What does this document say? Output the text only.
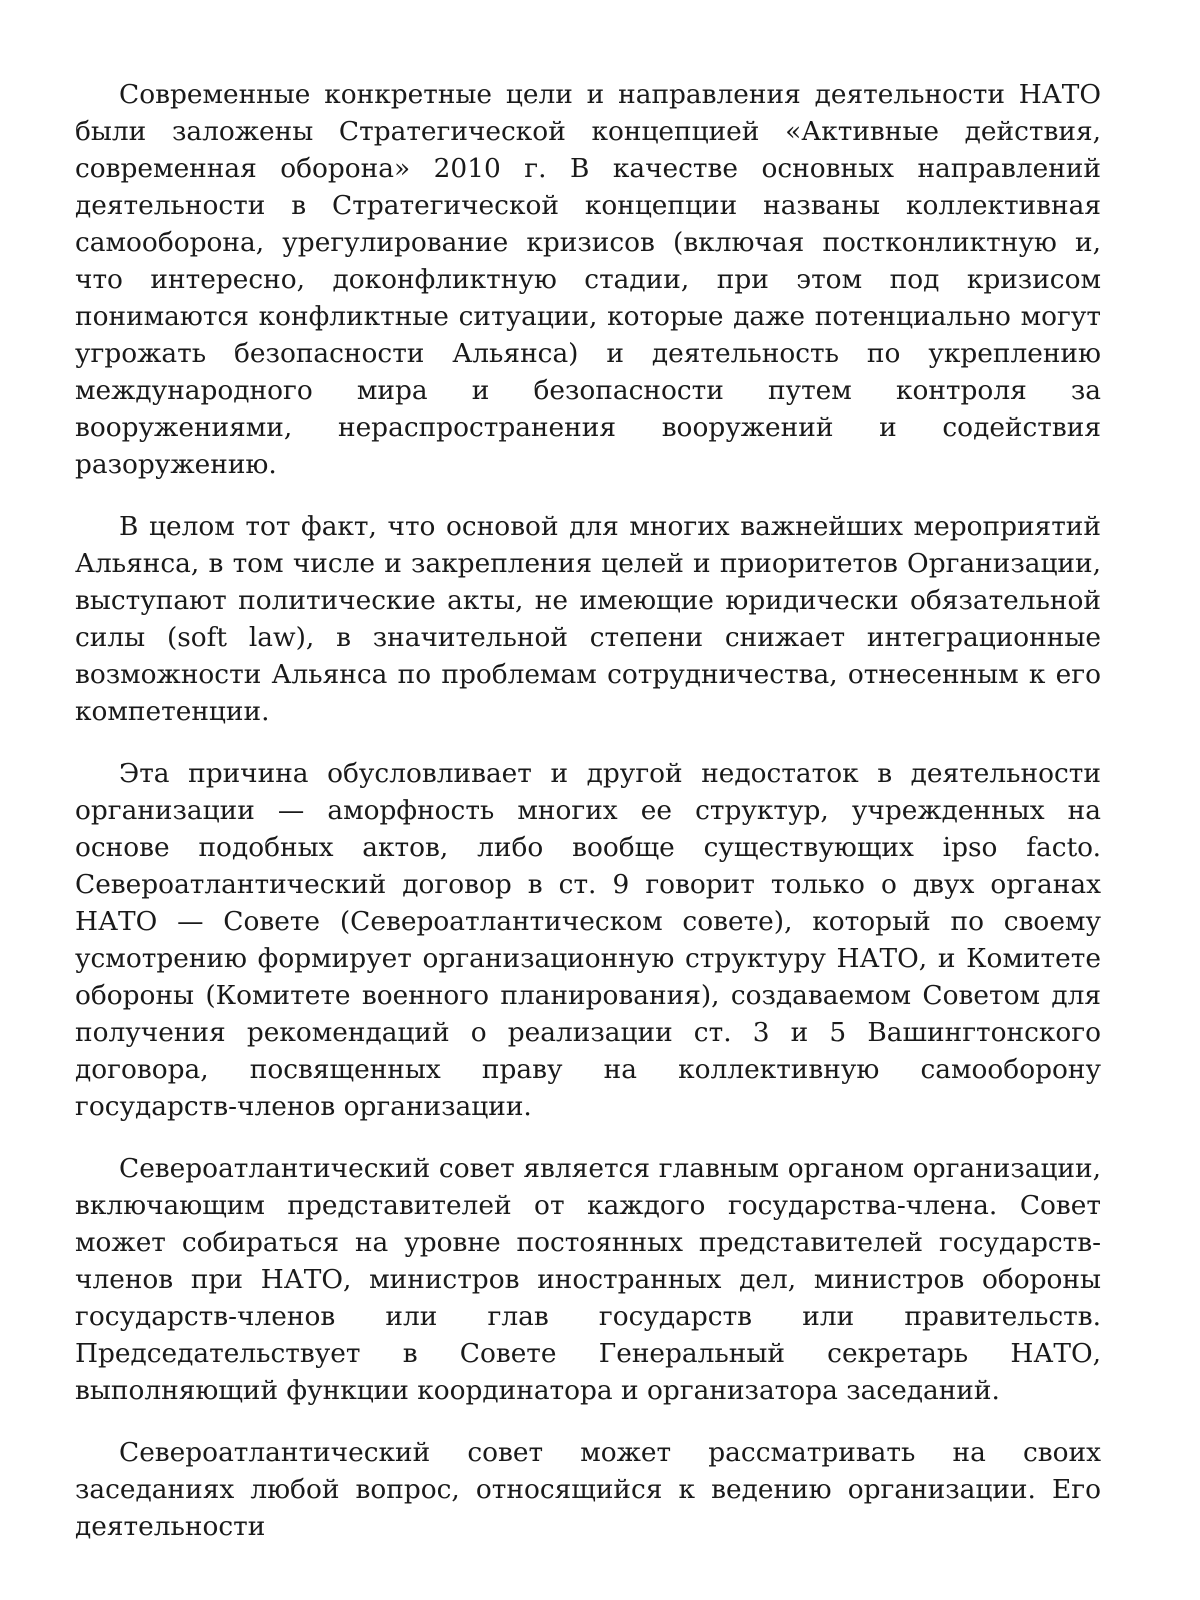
Современные конкретные цели и направления деятельности НАТО были заложены Стратегической концепцией «Активные действия, современная оборона» 2010 г. В качестве основных направлений деятельности в Стратегической концепции названы коллективная самооборона, урегулирование кризисов (включая постконликтную и, что интересно, доконфликтную стадии, при этом под кризисом понимаются конфликтные ситуации, которые даже потенциально могут угрожать безопасности Альянса) и деятельность по укреплению международного мира и безопасности путем контроля за вооружениями, нераспространения вооружений и содействия разоружению.

В целом тот факт, что основой для многих важнейших мероприятий Альянса, в том числе и закрепления целей и приоритетов Организации, выступают политические акты, не имеющие юридически обязательной силы (soft law), в значительной степени снижает интеграционные возможности Альянса по проблемам сотрудничества, отнесенным к его компетенции.

Эта причина обусловливает и другой недостаток в деятельности организации — аморфность многих ее структур, учрежденных на основе подобных актов, либо вообще существующих ipso facto. Североатлантический договор в ст. 9 говорит только о двух органах НАТО — Совете (Североатлантическом совете), который по своему усмотрению формирует организационную структуру НАТО, и Комитете обороны (Комитете военного планирования), создаваемом Советом для получения рекомендаций о реализации ст. 3 и 5 Вашингтонского договора, посвященных праву на коллективную самооборону государств-членов организации.

Североатлантический совет является главным органом организации, включающим представителей от каждого государства-члена. Совет может собираться на уровне постоянных представителей государств-членов при НАТО, министров иностранных дел, министров обороны государств-членов или глав государств или правительств. Председательствует в Совете Генеральный секретарь НАТО, выполняющий функции координатора и организатора заседаний.

Североатлантический совет может рассматривать на своих заседаниях любой вопрос, относящийся к ведению организации. Его деятельности
